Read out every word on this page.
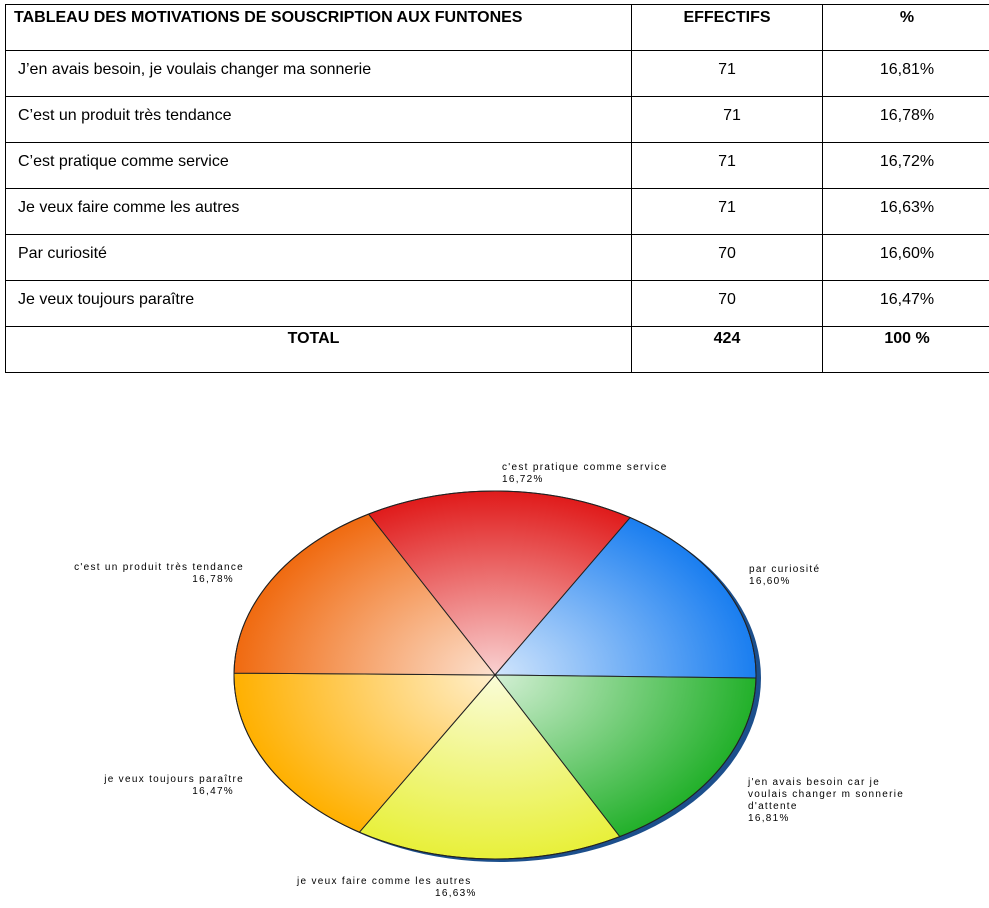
TABLEAU DES MOTIVATIONS DE SOUSCRIPTION AUX FUNTONES	EFFECTIFS	%
J’en avais besoin, je voulais changer ma sonnerie	71	16,81%
C’est un produit très tendance	71	16,78%
C’est pratique comme service	71	16,72%
Je veux faire comme les autres	71	16,63%
Par curiosité	70	16,60%
Je veux toujours paraître	70	16,47%
TOTAL	424	100 %
c'est pratique comme service 16,72%
par curiosité 16,60%
j'en avais besoin car je voulais changer m sonnerie d'attente 16,81%
je veux faire comme les autres 16,63%
je veux toujours paraître 16,47%
c'est un produit très tendance 16,78%
